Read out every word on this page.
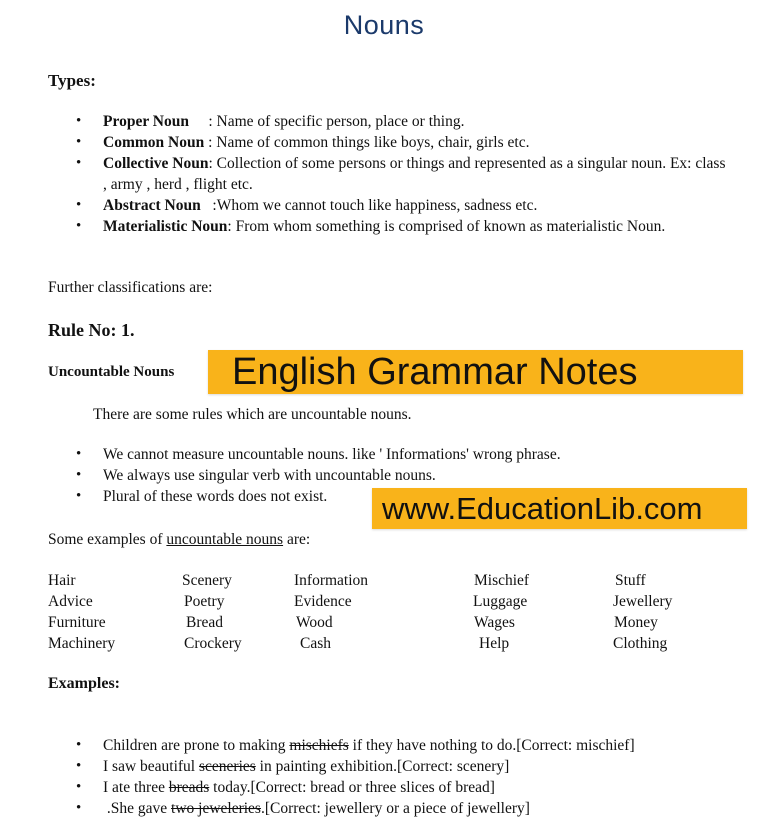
Nouns
Types:
• Proper Noun     : Name of specific person, place or thing.
• Common Noun : Name of common things like boys, chair, girls etc.
• Collective Noun: Collection of some persons or things and represented as a singular noun. Ex: class , army , herd , flight etc.
• Abstract Noun   :Whom we cannot touch like happiness, sadness etc.
• Materialistic Noun: From whom something is comprised of known as materialistic Noun.
Further classifications are:
Rule No: 1.
Uncountable Nouns	English Grammar Notes
There are some rules which are uncountable nouns.
• We cannot measure uncountable nouns. like ' Informations' wrong phrase.
• We always use singular verb with uncountable nouns.
• Plural of these words does not exist.	www.EducationLib.com
Some examples of uncountable nouns are:
Hair	Scenery	Information	Mischief	Stuff
Advice	Poetry	Evidence	Luggage	Jewellery
Furniture	Bread	Wood	Wages	Money
Machinery	Crockery	Cash	Help	Clothing
Examples:
• Children are prone to making mischiefs if they have nothing to do.[Correct: mischief]
• I saw beautiful sceneries in painting exhibition.[Correct: scenery]
• I ate three breads today.[Correct: bread or three slices of bread]
•  .She gave two jeweleries.[Correct: jewellery or a piece of jewellery]
